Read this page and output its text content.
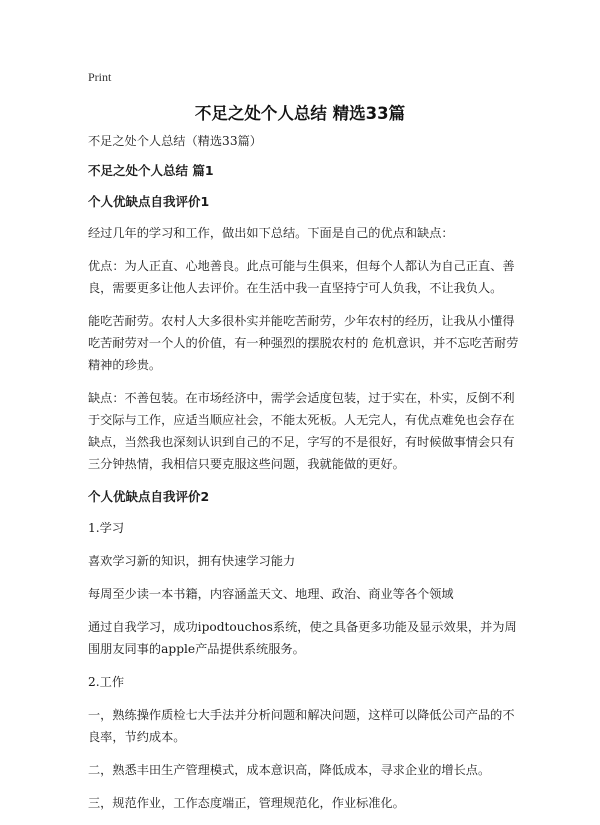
Print
不足之处个人总结 精选33篇

不足之处个人总结（精选33篇）

不足之处个人总结 篇1
个人优缺点自我评价1

经过几年的学习和工作，做出如下总结。下面是自己的优点和缺点：

优点：为人正直、心地善良。此点可能与生俱来，但每个人都认为自己正直、善良，需要更多让他人去评价。在生活中我一直坚持宁可人负我，不让我负人。

能吃苦耐劳。农村人大多很朴实并能吃苦耐劳，少年农村的经历，让我从小懂得吃苦耐劳对一个人的价值，有一种强烈的摆脱农村的 危机意识，并不忘吃苦耐劳精神的珍贵。

缺点：不善包装。在市场经济中，需学会适度包装，过于实在，朴实，反倒不利于交际与工作，应适当顺应社会，不能太死板。人无完人，有优点难免也会存在缺点，当然我也深刻认识到自己的不足，字写的不是很好，有时候做事情会只有三分钟热情，我相信只要克服这些问题，我就能做的更好。

个人优缺点自我评价2

1.学习

喜欢学习新的知识，拥有快速学习能力

每周至少读一本书籍，内容涵盖天文、地理、政治、商业等各个领域

通过自我学习，成功ipodtouchos系统，使之具备更多功能及显示效果，并为周围朋友同事的apple产品提供系统服务。

2.工作

一，熟练操作质检七大手法并分析问题和解决问题，这样可以降低公司产品的不良率，节约成本。

二，熟悉丰田生产管理模式，成本意识高，降低成本，寻求企业的增长点。

三，规范作业，工作态度端正，管理规范化，作业标准化。
